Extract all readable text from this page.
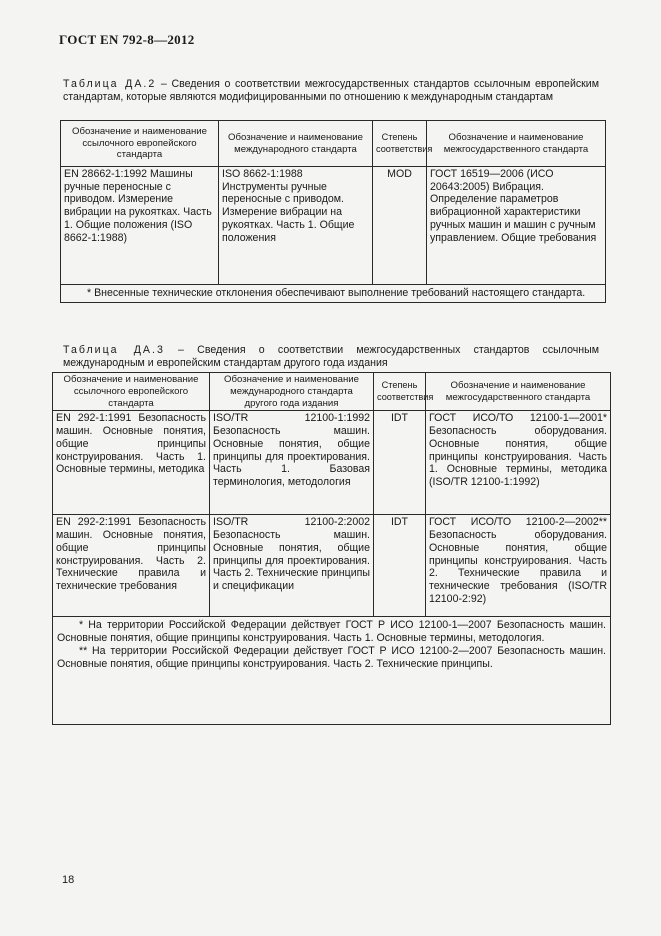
ГОСТ EN 792-8—2012
Таблица ДА.2 – Сведения о соответствии межгосударственных стандартов ссылочным европейским стандартам, которые являются модифицированными по отношению к международным стандартам
Обозначение и наименование ссылочного европейского стандарта	Обозначение и наименование международного стандарта	Степень соответствия	Обозначение и наименование межгосударственного стандарта
EN 28662-1:1992 Машины ручные переносные с приводом. Измерение вибрации на рукоятках. Часть 1. Общие положения (ISO 8662-1:1988)	ISO 8662-1:1988 Инструменты ручные переносные с приводом. Измерение вибрации на рукоятках. Часть 1. Общие положения	MOD	ГОСТ 16519—2006 (ИСО 20643:2005) Вибрация. Определение параметров вибрационной характеристики ручных машин и машин с ручным управлением. Общие требования

* Внесенные технические отклонения обеспечивают выполнение требований настоящего стандарта.			

Таблица ДА.3 – Сведения о соответствии межгосударственных стандартов ссылочным международным и европейским стандартам другого года издания
Обозначение и наименование ссылочного европейского стандарта	Обозначение и наименование международного стандарта другого года издания	Степень соответствия	Обозначение и наименование межгосударственного стандарта
EN 292-1:1991 Безопасность машин. Основные понятия, общие принципы конструирования. Часть 1. Основные термины, методика	ISO/TR 12100-1:1992 Безопасность машин. Основные понятия, общие принципы для проектирования. Часть 1. Базовая терминология, методология	IDT	ГОСТ ИСО/ТО 12100-1—2001* Безопасность оборудования. Основные понятия, общие принципы конструирования. Часть 1. Основные термины, методика (ISO/TR 12100-1:1992)
EN 292-2:1991 Безопасность машин. Основные понятия, общие принципы конструирования. Часть 2. Технические правила и технические требования	ISO/TR 12100-2:2002 Безопасность машин. Основные понятия, общие принципы для проектирования. Часть 2. Технические принципы и спецификации	IDT	ГОСТ ИСО/ТО 12100-2—2002** Безопасность оборудования. Основные понятия, общие принципы конструирования. Часть 2. Технические правила и технические требования (ISO/TR 12100-2:92)

* На территории Российской Федерации действует ГОСТ Р ИСО 12100-1—2007 Безопасность машин. Основные понятия, общие принципы конструирования. Часть 1. Основные термины, методология.

** На территории Российской Федерации действует ГОСТ Р ИСО 12100-2—2007 Безопасность машин. Основные понятия, общие принципы конструирования. Часть 2. Технические принципы.			

18
